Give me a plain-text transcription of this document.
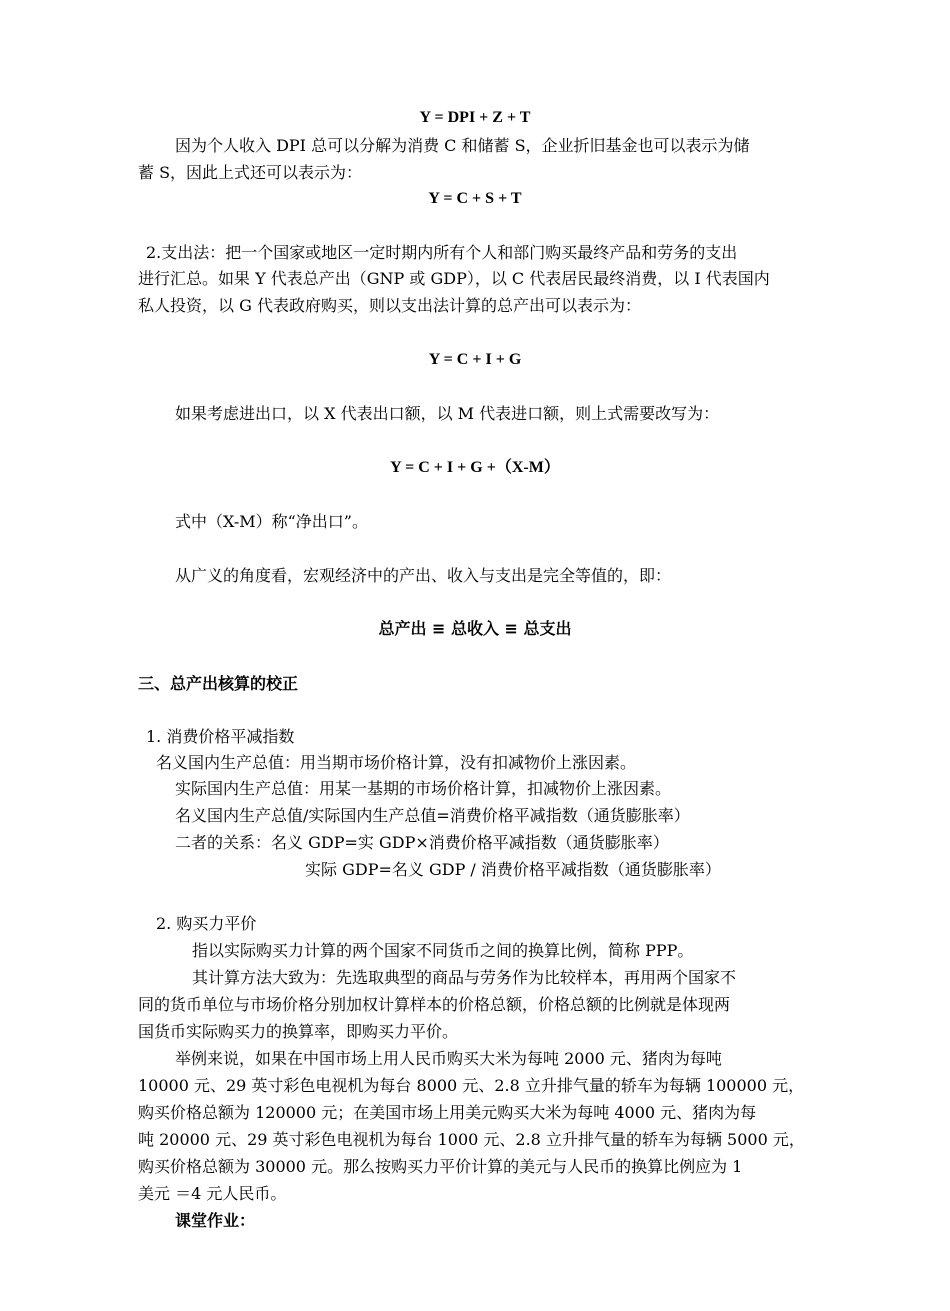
Y = DPI + Z + T
因为个人收入 DPI 总可以分解为消费 C 和储蓄 S，企业折旧基金也可以表示为储
蓄 S，因此上式还可以表示为：
Y = C + S + T
2.支出法：把一个国家或地区一定时期内所有个人和部门购买最终产品和劳务的支出
进行汇总。如果 Y 代表总产出（GNP 或 GDP），以 C 代表居民最终消费，以 I 代表国内
私人投资，以 G 代表政府购买，则以支出法计算的总产出可以表示为：
Y = C + I + G
如果考虑进出口，以 X 代表出口额，以 M 代表进口额，则上式需要改写为：
Y = C + I + G +（X-M）
式中（X-M）称“净出口”。
从广义的角度看，宏观经济中的产出、收入与支出是完全等值的，即：
总产出 ≡ 总收入 ≡ 总支出
三、总产出核算的校正
1. 消费价格平减指数
名义国内生产总值：用当期市场价格计算，没有扣减物价上涨因素。
实际国内生产总值：用某一基期的市场价格计算，扣减物价上涨因素。
名义国内生产总值/实际国内生产总值=消费价格平减指数（通货膨胀率）
二者的关系：名义 GDP=实 GDP×消费价格平减指数（通货膨胀率）
实际 GDP=名义 GDP / 消费价格平减指数（通货膨胀率）
2. 购买力平价
指以实际购买力计算的两个国家不同货币之间的换算比例，简称 PPP。
其计算方法大致为：先选取典型的商品与劳务作为比较样本，再用两个国家不
同的货币单位与市场价格分别加权计算样本的价格总额，价格总额的比例就是体现两
国货币实际购买力的换算率，即购买力平价。
举例来说，如果在中国市场上用人民币购买大米为每吨 2000 元、猪肉为每吨
10000 元、29 英寸彩色电视机为每台 8000 元、2.8 立升排气量的轿车为每辆 100000 元，
购买价格总额为 120000 元；在美国市场上用美元购买大米为每吨 4000 元、猪肉为每
吨 20000 元、29 英寸彩色电视机为每台 1000 元、2.8 立升排气量的轿车为每辆 5000 元，
购买价格总额为 30000 元。那么按购买力平价计算的美元与人民币的换算比例应为 1
美元 ＝4 元人民币。
课堂作业：
